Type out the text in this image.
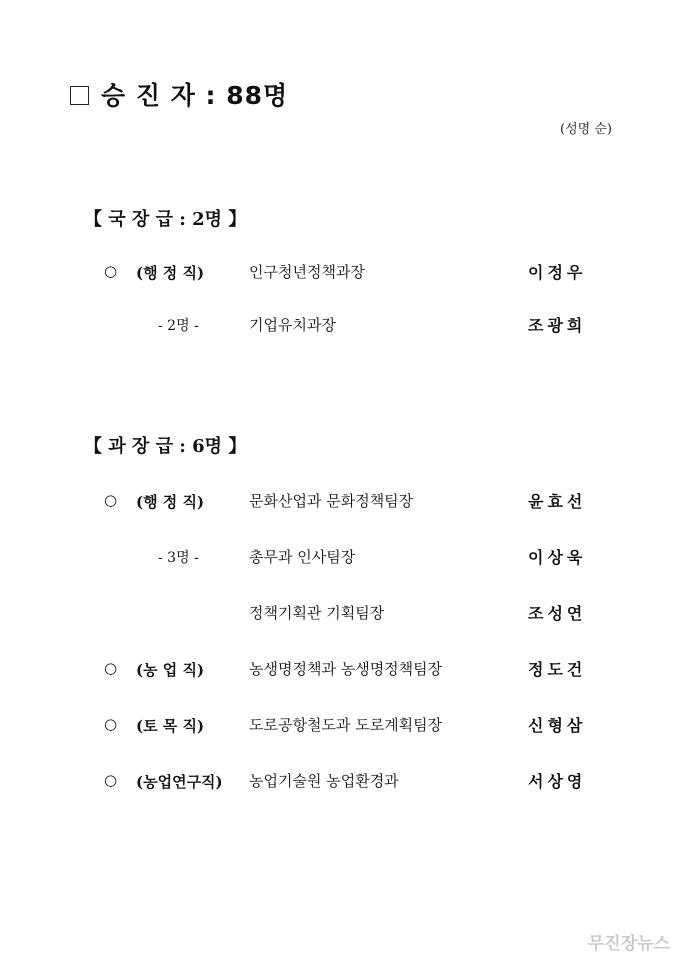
승 진 자 : 88명
(성명 순)
【 국 장 급 : 2명 】
○ (행 정 직)	인구청년정책과장	이정우
- 2명 -	기업유치과장	조광희
【 과 장 급 : 6명 】
○ (행 정 직)	문화산업과 문화정책팀장	윤효선
- 3명 -	총무과 인사팀장	이상욱
정책기획관 기획팀장	조성연
○ (농 업 직)	농생명정책과 농생명정책팀장	정도건
○ (토 목 직)	도로공항철도과 도로계획팀장	신형삼
○ (농업연구직) 농업기술원 농업환경과	서상영
무진장뉴스
